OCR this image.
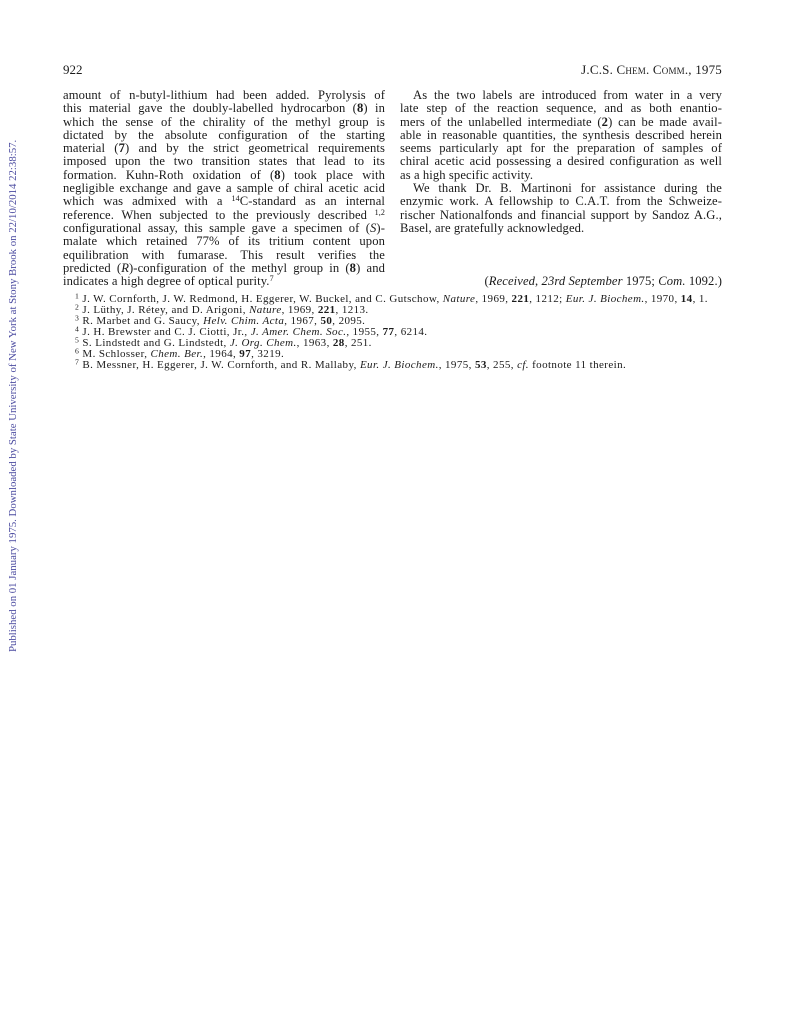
Published on 01 January 1975. Downloaded by State University of New York at Stony Brook on 22/10/2014 22:38:57.
922	J.C.S. Chem. Comm., 1975
amount of n-butyl-lithium had been added. Pyrolysis of
this material gave the doubly-labelled hydrocarbon (8) in
which the sense of the chirality of the methyl group is
dictated by the absolute configuration of the starting
material (7) and by the strict geometrical requirements
imposed upon the two transition states that lead to its
formation. Kuhn-Roth oxidation of (8) took place with
negligible exchange and gave a sample of chiral acetic acid
which was admixed with a $^{14}$C-standard as an internal
reference. When subjected to the previously described $^{1,2}$
configurational assay, this sample gave a specimen of (S)-
malate which retained 77% of its tritium content upon
equilibration with fumarase. This result verifies the
predicted (R)-configuration of the methyl group in (8) and
indicates a high degree of optical purity.$^7$
As the two labels are introduced from water in a very
late step of the reaction sequence, and as both enantio-
mers of the unlabelled intermediate (2) can be made avail-
able in reasonable quantities, the synthesis described herein
seems particularly apt for the preparation of samples of
chiral acetic acid possessing a desired configuration as well
as a high specific activity.
We thank Dr. B. Martinoni for assistance during the
enzymic work. A fellowship to C.A.T. from the Schweize-
rischer Nationalfonds and financial support by Sandoz A.G.,
Basel, are gratefully acknowledged.
(Received, 23rd September 1975; Com. 1092.)
$^1$ J. W. Cornforth, J. W. Redmond, H. Eggerer, W. Buckel, and C. Gutschow, Nature, 1969, 221, 1212; Eur. J. Biochem., 1970, 14, 1.
$^2$ J. Lüthy, J. Rétey, and D. Arigoni, Nature, 1969, 221, 1213.
$^3$ R. Marbet and G. Saucy, Helv. Chim. Acta, 1967, 50, 2095.
$^4$ J. H. Brewster and C. J. Ciotti, Jr., J. Amer. Chem. Soc., 1955, 77, 6214.
$^5$ S. Lindstedt and G. Lindstedt, J. Org. Chem., 1963, 28, 251.
$^6$ M. Schlosser, Chem. Ber., 1964, 97, 3219.
$^7$ B. Messner, H. Eggerer, J. W. Cornforth, and R. Mallaby, Eur. J. Biochem., 1975, 53, 255, cf. footnote 11 therein.
